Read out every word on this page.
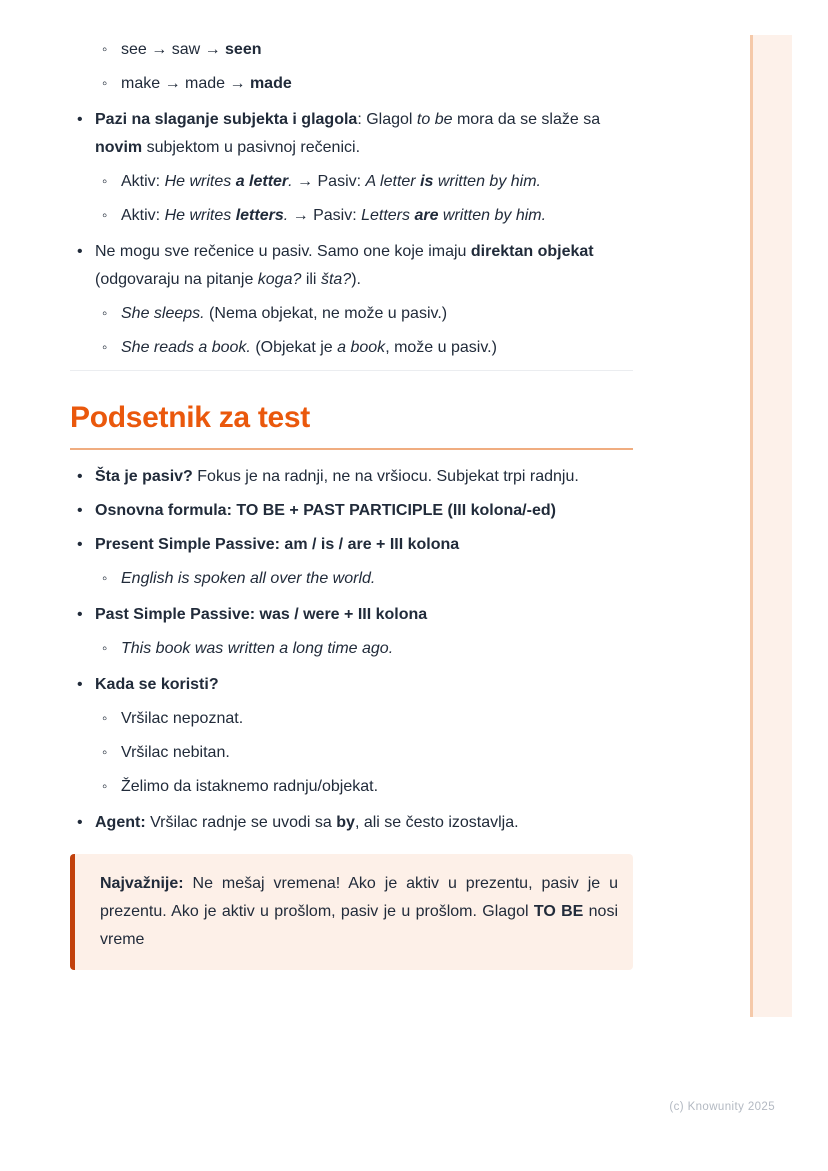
◦ see → saw → seen
◦ make → made → made
• Pazi na slaganje subjekta i glagola: Glagol to be mora da se slaže sa novim subjektom u pasivnoj rečenici.
◦ Aktiv: He writes a letter. → Pasiv: A letter is written by him.
◦ Aktiv: He writes letters. → Pasiv: Letters are written by him.
• Ne mogu sve rečenice u pasiv. Samo one koje imaju direktan objekat (odgovaraju na pitanje koga? ili šta?).
◦ She sleeps. (Nema objekat, ne može u pasiv.)
◦ She reads a book. (Objekat je a book, može u pasiv.)
Podsetnik za test
• Šta je pasiv? Fokus je na radnji, ne na vršiocu. Subjekat trpi radnju.
• Osnovna formula: TO BE + PAST PARTICIPLE (III kolona/-ed)
• Present Simple Passive: am / is / are + III kolona
◦ English is spoken all over the world.
• Past Simple Passive: was / were + III kolona
◦ This book was written a long time ago.
• Kada se koristi?
◦ Vršilac nepoznat.
◦ Vršilac nebitan.
◦ Želimo da istaknemo radnju/objekat.
• Agent: Vršilac radnje se uvodi sa by, ali se često izostavlja.
Najvažnije: Ne mešaj vremena! Ako je aktiv u prezentu, pasiv je u prezentu. Ako je aktiv u prošlom, pasiv je u prošlom. Glagol TO BE nosi vreme
(c) Knowunity 2025
